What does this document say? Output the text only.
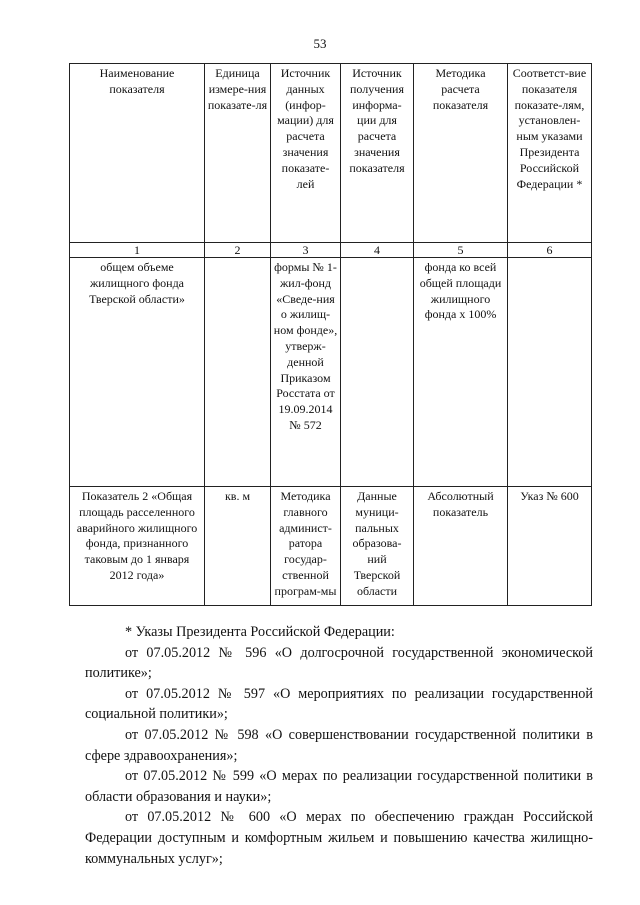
53
Наименование показателя	Единица измере-ния показате-ля	Источник данных (инфор-мации) для расчета значения показате-лей	Источник получения информа-ции для расчета значения показателя	Методика расчета показателя	Соответст-вие показателя показате-лям, установлен-ным указами Президента Российской Федерации *
1	2	3	4	5	6
общем объеме жилищного фонда Тверской области»		формы № 1-жил-фонд «Сведе-ния о жилищ-ном фонде», утверж-денной Приказом Росстата от 19.09.2014 № 572		фонда ко всей общей площади жилищного фонда х 100%	
Показатель 2 «Общая площадь расселенного аварийного жилищного фонда, признанного таковым до 1 января 2012 года»	кв. м	Методика главного админист-ратора государ-ственной програм-мы	Данные муници-пальных образова-ний Тверской области	Абсолютный показатель	Указ № 600

* Указы Президента Российской Федерации:

от 07.05.2012 № 596 «О долгосрочной государственной экономической политике»;

от 07.05.2012 № 597 «О мероприятиях по реализации государственной социальной политики»;

от 07.05.2012 № 598 «О совершенствовании государственной политики в сфере здравоохранения»;

от 07.05.2012 № 599 «О мерах по реализации государственной политики в области образования и науки»;

от 07.05.2012 № 600 «О мерах по обеспечению граждан Российской Федерации доступным и комфортным жильем и повышению качества жилищно-коммунальных услуг»;
